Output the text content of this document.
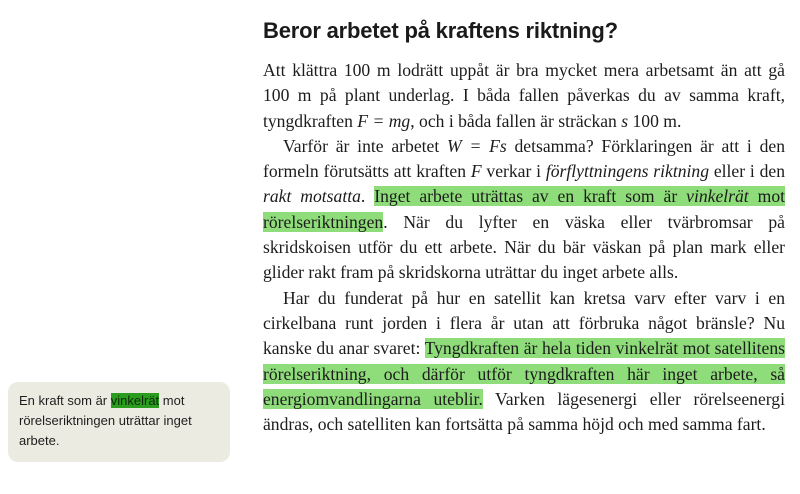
Beror arbetet på kraftens riktning?

Att klättra 100 m lodrätt uppåt är bra mycket mera arbetsamt än att gå 100 m på plant underlag. I båda fallen påverkas du av samma kraft, tyngdkraften F = mg, och i båda fallen är sträckan s 100 m.

Varför är inte arbetet W = Fs detsamma? Förklaringen är att i den formeln förutsätts att kraften F verkar i förflyttningens riktning eller i den rakt motsatta. Inget arbete uträttas av en kraft som är vinkelrät mot rörelseriktningen. När du lyfter en väska eller tvärbromsar på skridskoisen utför du ett arbete. När du bär väskan på plan mark eller glider rakt fram på skridskorna uträttar du inget arbete alls.

Har du funderat på hur en satellit kan kretsa varv efter varv i en cirkelbana runt jorden i flera år utan att förbruka något bränsle? Nu kanske du anar svaret: Tyngdkraften är hela tiden vinkelrät mot satellitens rörelseriktning, och därför utför tyngdkraften här inget arbete, så energiomvandlingarna uteblir. Varken lägesenergi eller rörelseenergi ändras, och satelliten kan fortsätta på samma höjd och med samma fart.

En kraft som är vinkelrät mot rörelseriktningen uträttar inget arbete.
